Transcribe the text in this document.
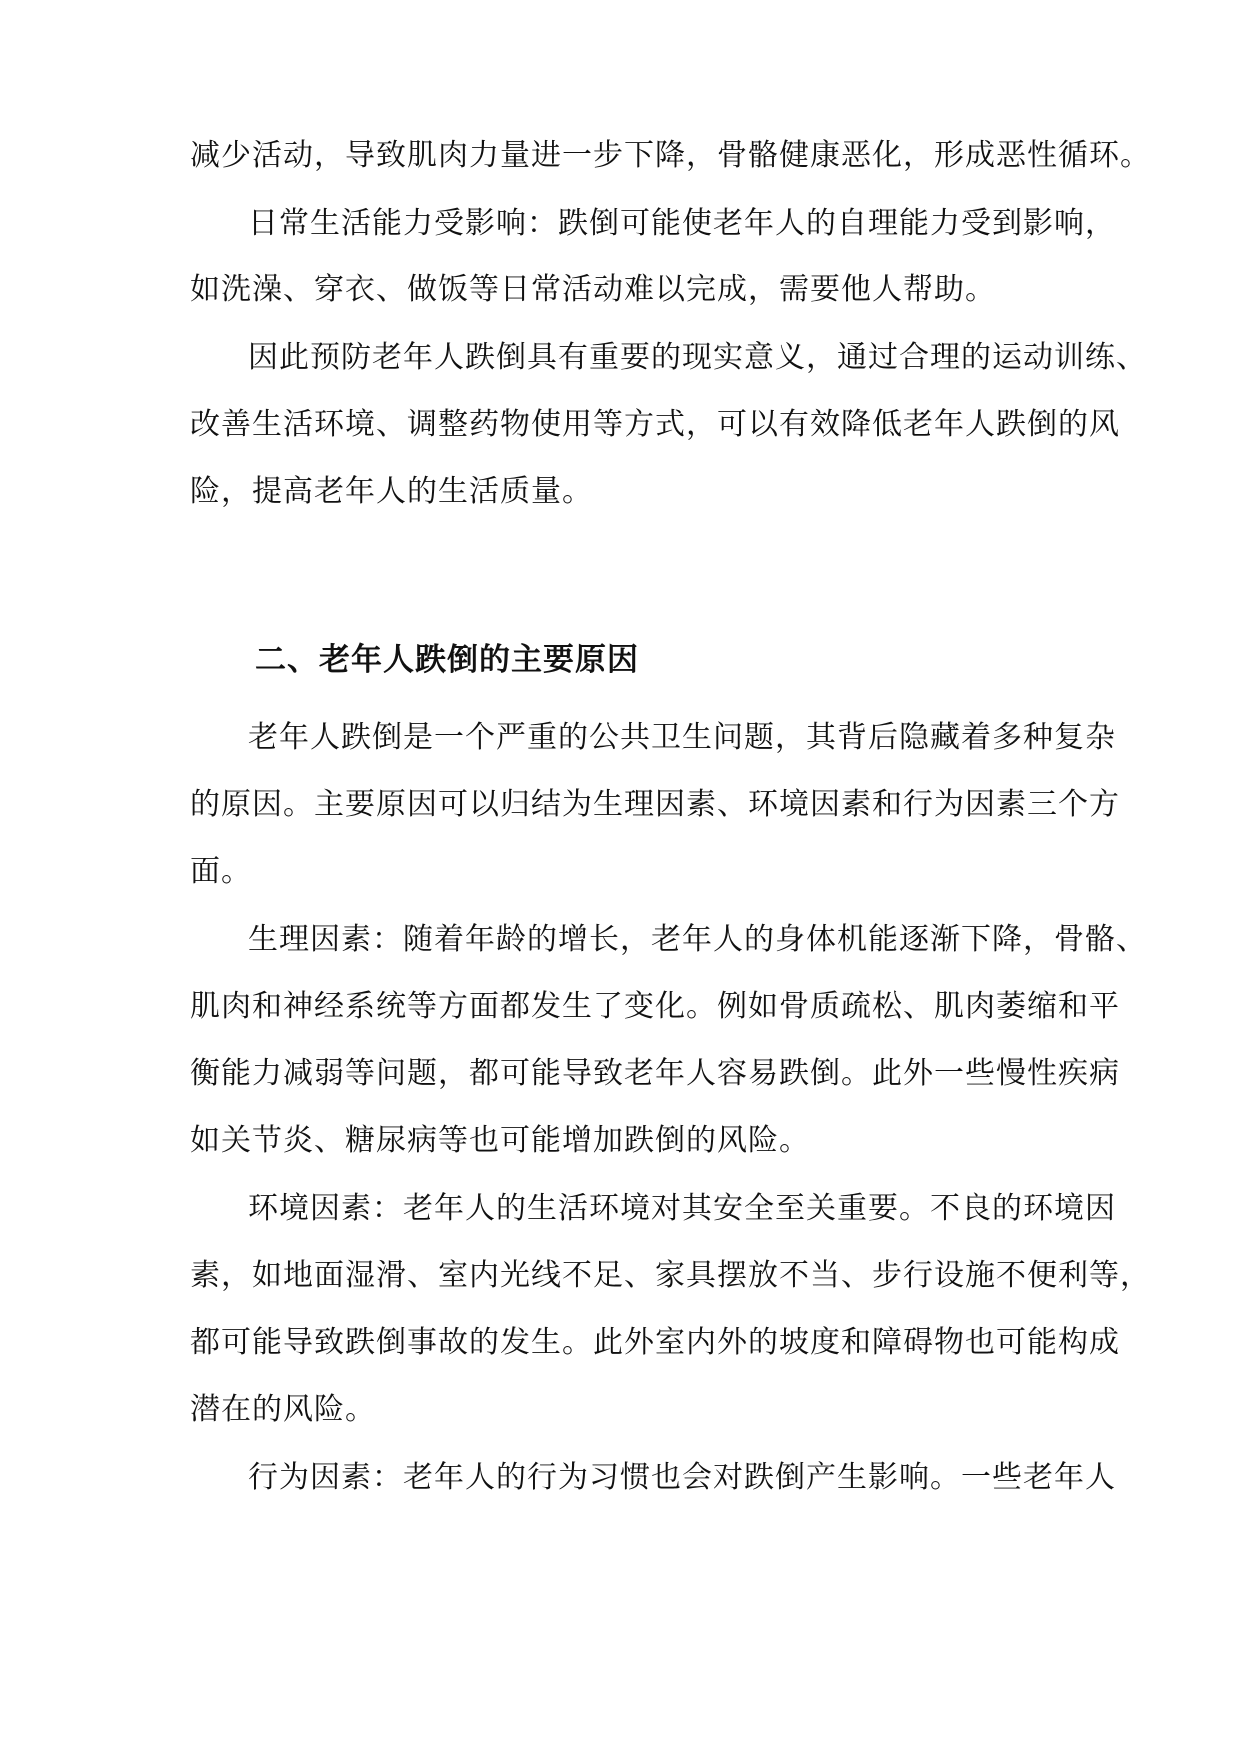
减少活动，导致肌肉力量进一步下降，骨骼健康恶化，形成恶性循环。
日常生活能力受影响：跌倒可能使老年人的自理能力受到影响，
如洗澡、穿衣、做饭等日常活动难以完成，需要他人帮助。
因此预防老年人跌倒具有重要的现实意义，通过合理的运动训练、
改善生活环境、调整药物使用等方式，可以有效降低老年人跌倒的风
险，提高老年人的生活质量。
二、老年人跌倒的主要原因
老年人跌倒是一个严重的公共卫生问题，其背后隐藏着多种复杂
的原因。主要原因可以归结为生理因素、环境因素和行为因素三个方
面。
生理因素：随着年龄的增长，老年人的身体机能逐渐下降，骨骼、
肌肉和神经系统等方面都发生了变化。例如骨质疏松、肌肉萎缩和平
衡能力减弱等问题，都可能导致老年人容易跌倒。此外一些慢性疾病
如关节炎、糖尿病等也可能增加跌倒的风险。
环境因素：老年人的生活环境对其安全至关重要。不良的环境因
素，如地面湿滑、室内光线不足、家具摆放不当、步行设施不便利等，
都可能导致跌倒事故的发生。此外室内外的坡度和障碍物也可能构成
潜在的风险。
行为因素：老年人的行为习惯也会对跌倒产生影响。一些老年人
